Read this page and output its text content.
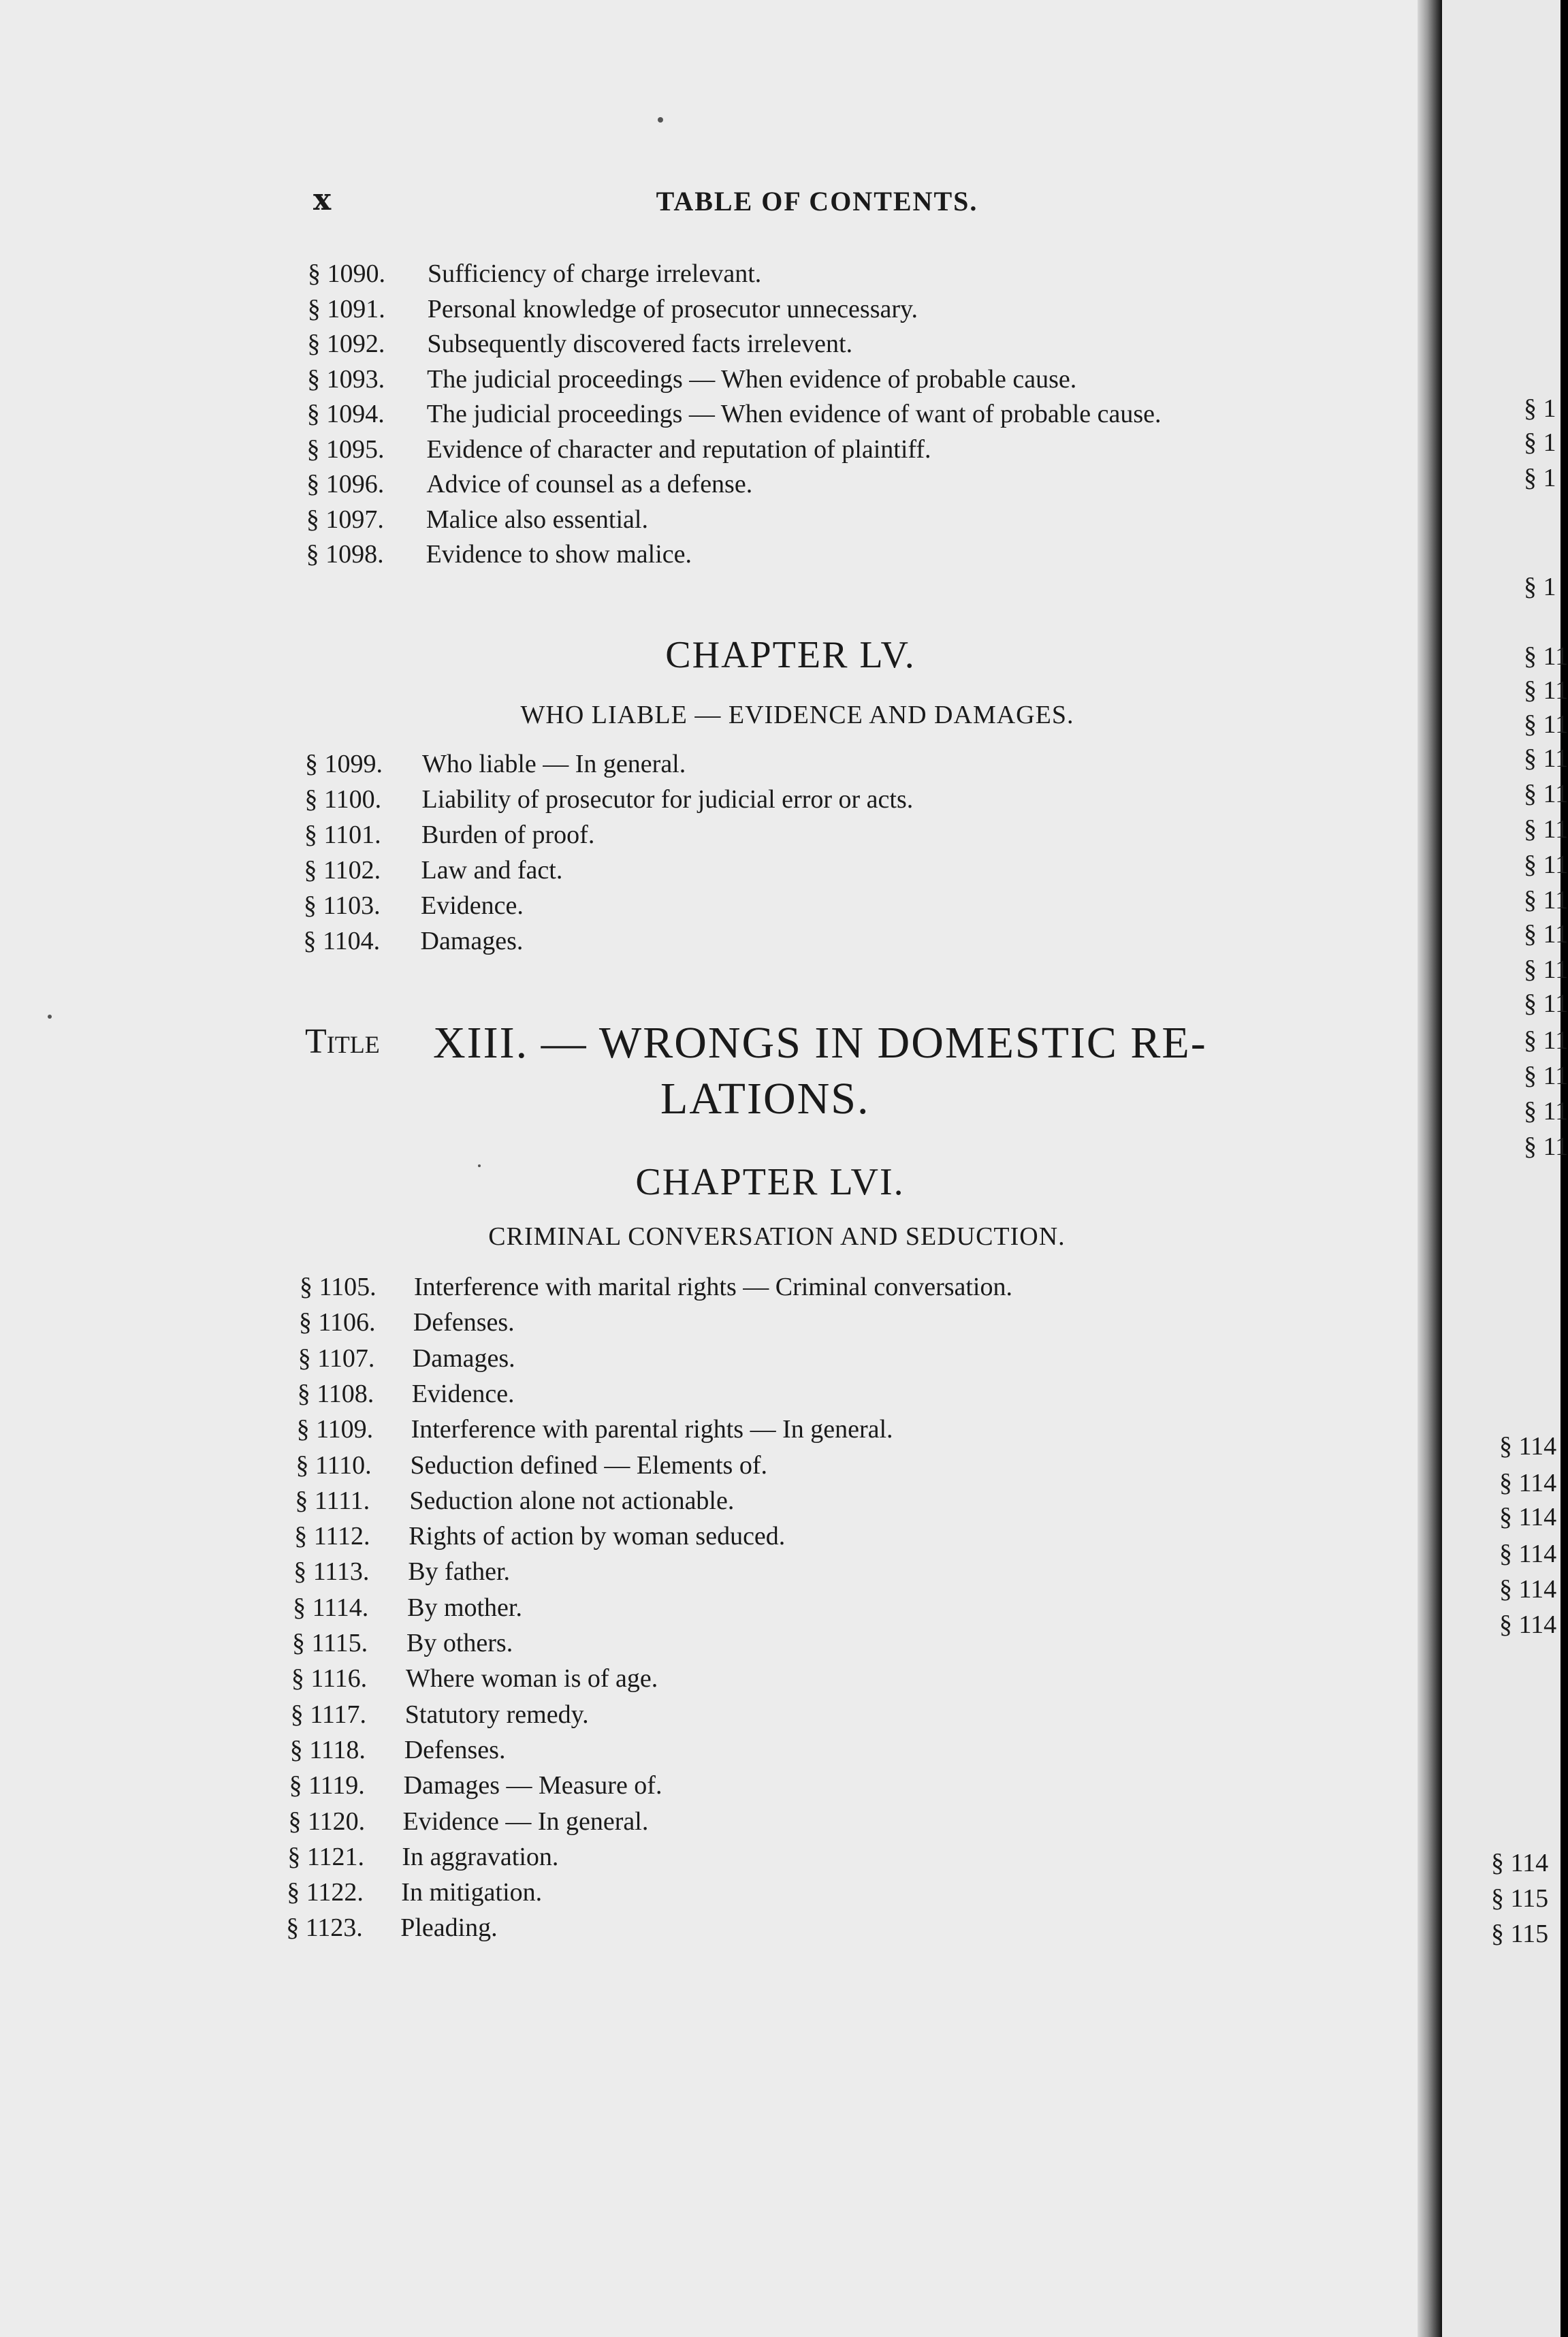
x	TABLE OF CONTENTS.
§ 1090. Sufficiency of charge irrelevant.
§ 1091. Personal knowledge of prosecutor unnecessary.
§ 1092. Subsequently discovered facts irrelevent.
§ 1093. The judicial proceedings — When evidence of probable cause.
§ 1094. The judicial proceedings — When evidence of want of probable cause.
§ 1095. Evidence of character and reputation of plaintiff.
§ 1096. Advice of counsel as a defense.
§ 1097. Malice also essential.
§ 1098. Evidence to show malice.
CHAPTER LV.
WHO LIABLE — EVIDENCE AND DAMAGES.
§ 1099. Who liable — In general.
§ 1100. Liability of prosecutor for judicial error or acts.
§ 1101. Burden of proof.
§ 1102. Law and fact.
§ 1103. Evidence.
§ 1104. Damages.
Title XIII. — WRONGS IN DOMESTIC RE-
LATIONS.
CHAPTER LVI.
CRIMINAL CONVERSATION AND SEDUCTION.
§ 1105. Interference with marital rights — Criminal conversation.
§ 1106. Defenses.
§ 1107. Damages.
§ 1108. Evidence.
§ 1109. Interference with parental rights — In general.
§ 1110. Seduction defined — Elements of.
§ 1111. Seduction alone not actionable.
§ 1112. Rights of action by woman seduced.
§ 1113. By father.
§ 1114. By mother.
§ 1115. By others.
§ 1116. Where woman is of age.
§ 1117. Statutory remedy.
§ 1118. Defenses.
§ 1119. Damages — Measure of.
§ 1120. Evidence — In general.
§ 1121. In aggravation.
§ 1122. In mitigation.
§ 1123. Pleading.
§ 1
§ 1
§ 1
§ 1
§ 11
§ 11
§ 11
§ 11
§ 11
§ 11
§ 11
§ 11
§ 11
§ 11
§ 11
§ 11
§ 11
§ 11
§ 11
§ 114
§ 114
§ 114
§ 114
§ 114
§ 114
§ 114
§ 115
§ 115
